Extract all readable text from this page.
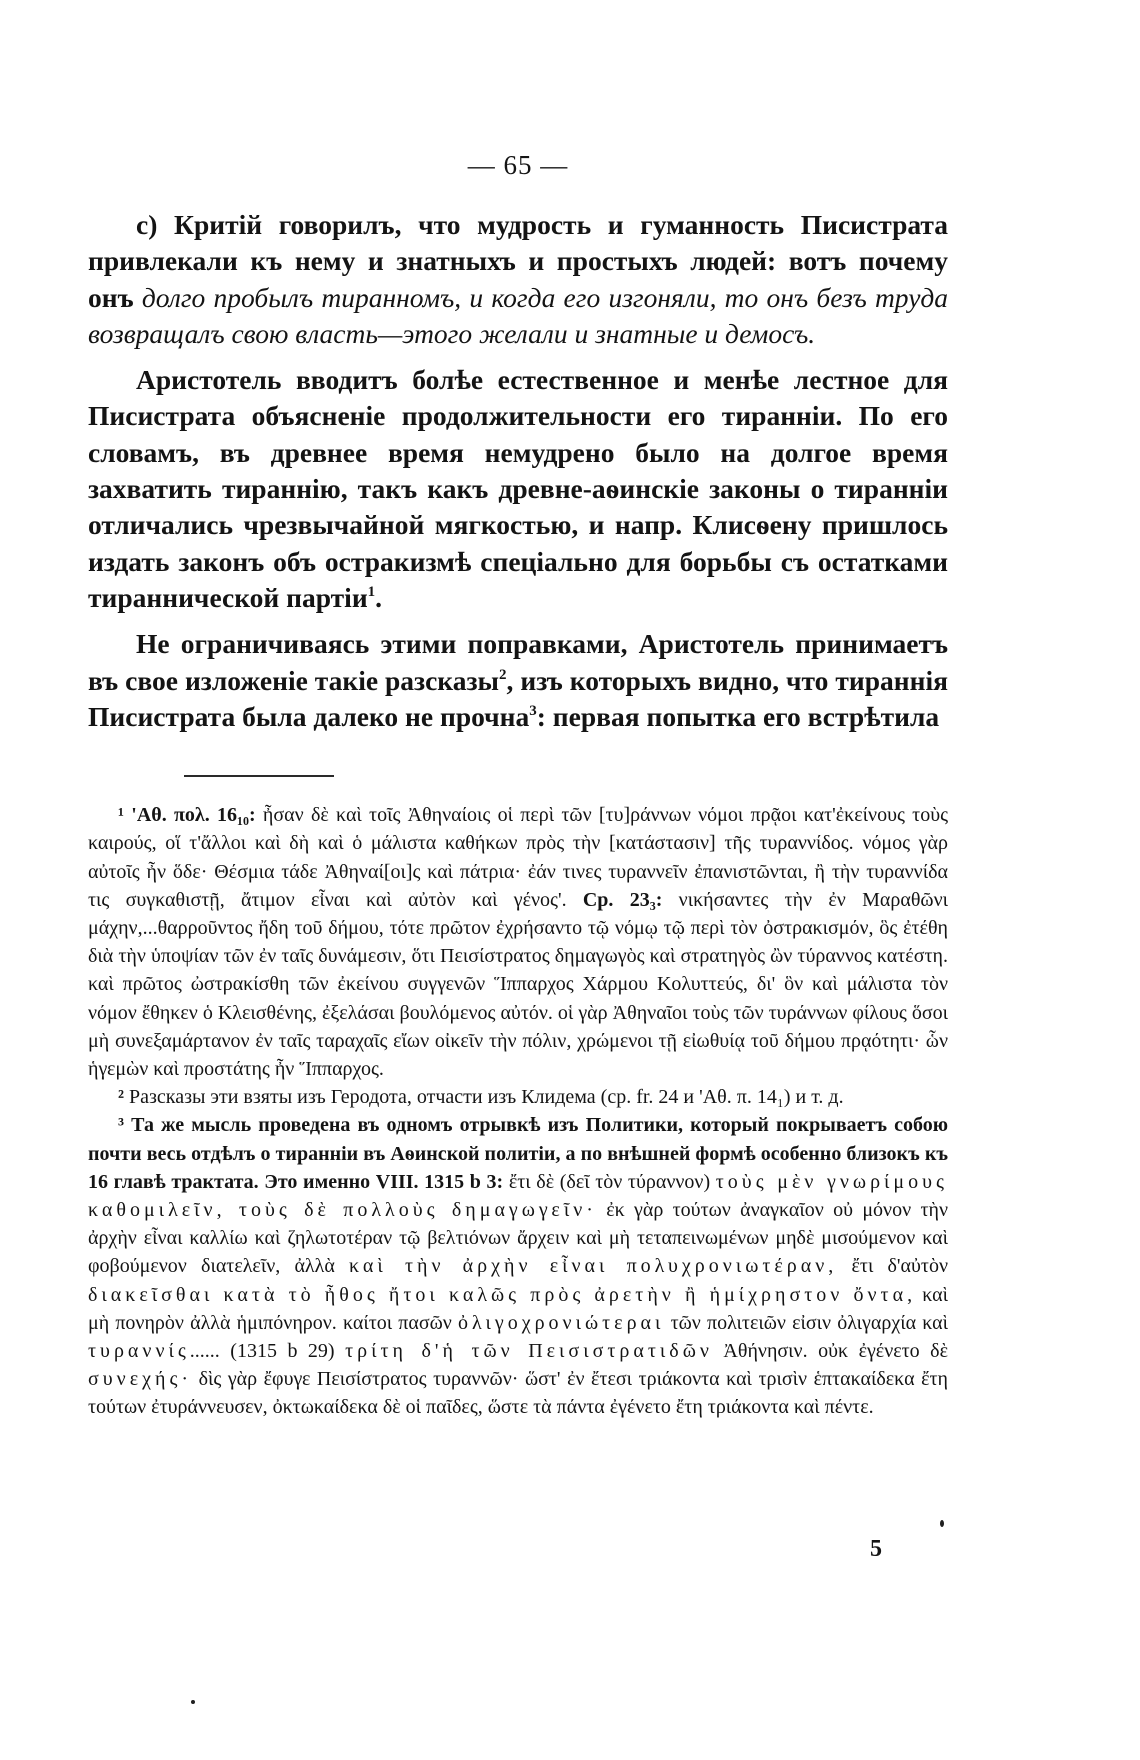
— 65 —

c) Критій говорилъ, что мудрость и гуманность Писистрата привлекали къ нему и знатныхъ и простыхъ людей: вотъ почему онъ долго пробылъ тиранномъ, и когда его изгоняли, то онъ безъ труда возвращалъ свою власть—этого желали и знатные и демосъ.

Аристотель вводитъ болѣе естественное и менѣе лестное для Писистрата объясненіе продолжительности его тиранніи. По его словамъ, въ древнее время немудрено было на долгое время захватить тираннію, такъ какъ древне-аѳинскіе законы о тиранніи отличались чрезвычайной мягкостью, и напр. Клисѳену пришлось издать законъ объ остракизмѣ спеціально для борьбы съ остатками тираннической партіи$^1$.

Не ограничиваясь этими поправками, Аристотель принимаетъ въ свое изложеніе такіе разсказы$^2$, изъ которыхъ видно, что тираннія Писистрата была далеко не прочна$^3$: первая попытка его встрѣтила

¹ 'Αθ. πολ. 16₁₀: ἦσαν δὲ καὶ τοῖς Ἀθηναίοις οἱ περὶ τῶν [τυ]ράννων νόμοι πρᾷοι κατ'ἐκείνους τοὺς καιρούς, οἵ τ'ἄλλοι καὶ δὴ καὶ ὁ μάλιστα καθήκων πρὸς τὴν [κατάστασιν] τῆς τυραννίδος. νόμος γὰρ αὐτοῖς ἦν ὅδε· Θέσμια τάδε Ἀθηναί[οι]ς καὶ πάτρια· ἐάν τινες τυραννεῖν ἐπανιστῶνται, ἢ τὴν τυραννίδα τις συγκαθιστῇ, ἄτιμον εἶναι καὶ αὐτὸν καὶ γένος'. Cp. 23₃: νικήσαντες τὴν ἐν Μαραθῶνι μάχην,...θαρροῦντος ἤδη τοῦ δήμου, τότε πρῶτον ἐχρήσαντο τῷ νόμῳ τῷ περὶ τὸν ὀστρακισμόν, ὃς ἐτέθη διὰ τὴν ὑποψίαν τῶν ἐν ταῖς δυνάμεσιν, ὅτι Πεισίστρατος δημαγωγὸς καὶ στρατηγὸς ὢν τύραννος κατέστη. καὶ πρῶτος ὠστρακίσθη τῶν ἐκείνου συγγενῶν Ἵππαρχος Χάρμου Κολυττεύς, δι' ὃν καὶ μάλιστα τὸν νόμον ἔθηκεν ὁ Κλεισθένης, ἐξελάσαι βουλόμενος αὐτόν. οἱ γὰρ Ἀθηναῖοι τοὺς τῶν τυράννων φίλους ὅσοι μὴ συνεξαμάρτανον ἐν ταῖς ταραχαῖς εἴων οἰκεῖν τὴν πόλιν, χρώμενοι τῇ εἰωθυίᾳ τοῦ δήμου πρᾳότητι· ὧν ἡγεμὼν καὶ προστάτης ἦν Ἵππαρχος.

² Разсказы эти взяты изъ Геродота, отчасти изъ Клидема (ср. fr. 24 и 'Αθ. π. 14₁) и т. д.

³ Та же мысль проведена въ одномъ отрывкѣ изъ Политики, который покрываетъ собою почти весь отдѣлъ о тиранніи въ Аѳинской политіи, а по внѣшней формѣ особенно близокъ къ 16 главѣ трактата. Это именно VIII. 1315 b 3: ἔτι δὲ (δεῖ τὸν τύραννον) τοὺς μὲν γνωρίμους καθομιλεῖν, τοὺς δὲ πολλοὺς δημαγωγεῖν· ἐκ γὰρ τούτων ἀναγκαῖον οὐ μόνον τὴν ἀρχὴν εἶναι καλλίω καὶ ζηλωτοτέραν τῷ βελτιόνων ἄρχειν καὶ μὴ τεταπεινωμένων μηδὲ μισούμενον καὶ φοβούμενον διατελεῖν, ἀλλὰ καὶ τὴν ἀρχὴν εἶναι πολυχρονιωτέραν, ἔτι δ'αὐτὸν διακεῖσθαι κατὰ τὸ ἦθος ἤτοι καλῶς πρὸς ἀρετὴν ἢ ἡμίχρηστον ὄντα, καὶ μὴ πονηρὸν ἀλλὰ ἡμιπόνηρον. καίτοι πασῶν ὀλιγοχρονιώτεραι τῶν πολιτειῶν εἰσιν ὀλιγαρχία καὶ τυραννίς...... (1315 b 29) τρίτη δ'ἡ τῶν Πεισιστρατιδῶν Ἀθήνησιν. οὐκ ἐγένετο δὲ συνεχής· δὶς γὰρ ἔφυγε Πεισίστρατος τυραννῶν· ὥστ' ἐν ἔτεσι τριάκοντα καὶ τρισὶν ἑπτακαίδεκα ἔτη τούτων ἐτυράννευσεν, ὀκτωκαίδεκα δὲ οἱ παῖδες, ὥστε τὰ πάντα ἐγένετο ἔτη τριάκοντα καὶ πέντε.

5
